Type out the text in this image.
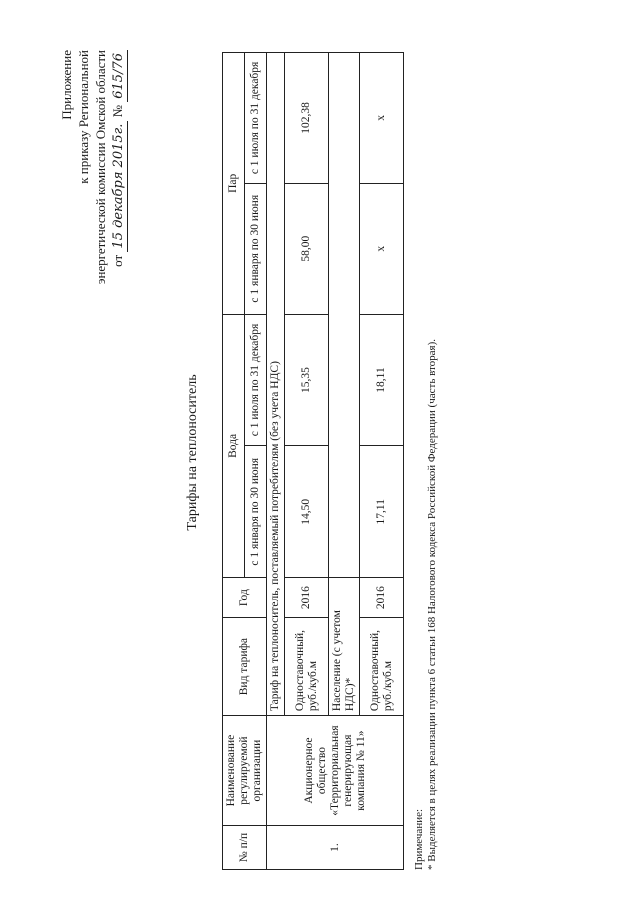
Приложение к приказу Региональной энергетической комиссии Омской области от 15 декабря 2015г. № 615/76
Тарифы на теплоноситель
№ п/п	Наименование регулируемой организации	Вид тарифа	Год	Вода		Пар	
				с 1 января по 30 июня	с 1 июля по 31 декабря	с 1 января по 30 июня	с 1 июля по 31 декабря
1.	Акционерное общество «Территориальная генерирующая компания № 11»	Тариф на теплоноситель, поставляемый потребителям (без учета НДС)					
		Одноставочный, руб./куб.м	2016	14,50	15,35	58,00	102,38
		Население (с учетом НДС)*					
		Одноставочный, руб./куб.м	2016	17,11	18,11	x	x
Примечание: * Выделяется в целях реализации пункта 6 статьи 168 Налогового кодекса Российской Федерации (часть вторая).
